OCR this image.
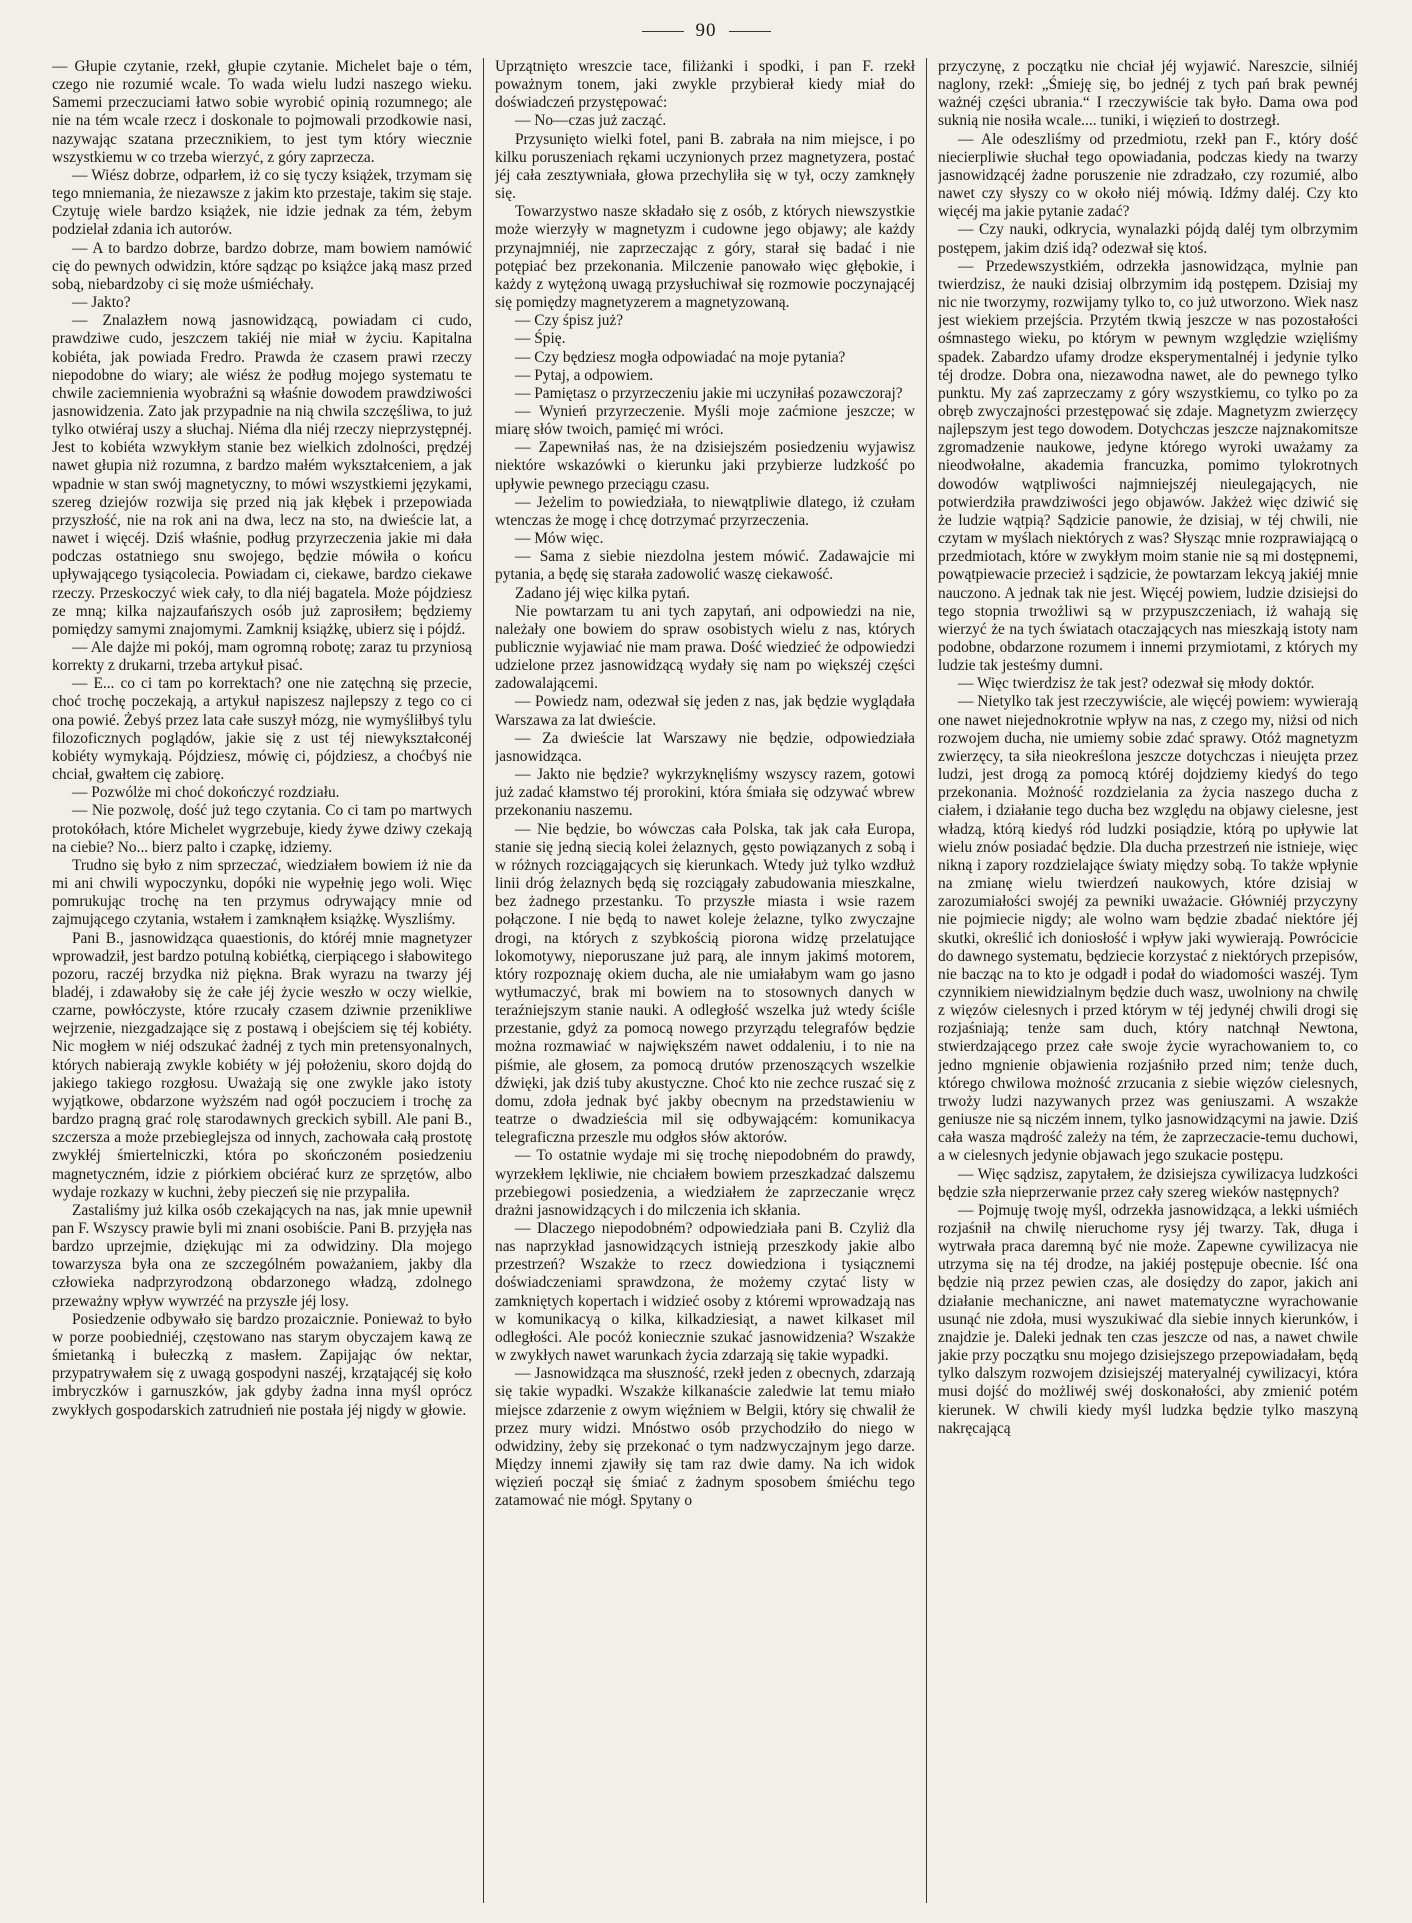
90

— Głupie czytanie, rzekł, głupie czytanie. Michelet baje o tém, czego nie rozumié wcale. To wada wielu ludzi naszego wieku. Samemi przeczuciami łatwo sobie wyrobić opinią rozumnego; ale nie na tém wcale rzecz i doskonale to pojmowali przodkowie nasi, nazywając szatana przecznikiem, to jest tym który wiecznie wszystkiemu w co trzeba wierzyć, z góry zaprzecza.

— Wiész dobrze, odparłem, iż co się tyczy książek, trzymam się tego mniemania, że niezawsze z jakim kto przestaje, takim się staje. Czytuję wiele bardzo książek, nie idzie jednak za tém, żebym podzielał zdania ich autorów.

— A to bardzo dobrze, bardzo dobrze, mam bowiem namówić cię do pewnych odwidzin, które sądząc po książce jaką masz przed sobą, niebardzoby ci się może uśmiéchały.

— Jakto?

— Znalazłem nową jasnowidzącą, powiadam ci cudo, prawdziwe cudo, jeszczem takiéj nie miał w życiu. Kapitalna kobiéta, jak powiada Fredro. Prawda że czasem prawi rzeczy niepodobne do wiary; ale wiész że podług mojego systematu te chwile zaciemnienia wyobraźni są właśnie dowodem prawdziwości jasnowidzenia. Zato jak przypadnie na nią chwila szczęśliwa, to już tylko otwiéraj uszy a słuchaj. Niéma dla niéj rzeczy nieprzystępnéj. Jest to kobiéta wzwykłym stanie bez wielkich zdolności, prędzéj nawet głupia niż rozumna, z bardzo małém wykształceniem, a jak wpadnie w stan swój magnetyczny, to mówi wszystkiemi językami, szereg dziejów rozwija się przed nią jak kłębek i przepowiada przyszłość, nie na rok ani na dwa, lecz na sto, na dwieście lat, a nawet i więcéj. Dziś właśnie, podług przyrzeczenia jakie mi dała podczas ostatniego snu swojego, będzie mówiła o końcu upływającego tysiącolecia. Powiadam ci, ciekawe, bardzo ciekawe rzeczy. Przeskoczyć wiek cały, to dla niéj bagatela. Może pójdziesz ze mną; kilka najzaufańszych osób już zaprosiłem; będziemy pomiędzy samymi znajomymi. Zamknij książkę, ubierz się i pójdź.

— Ale dajże mi pokój, mam ogromną robotę; zaraz tu przyniosą korrekty z drukarni, trzeba artykuł pisać.

— E... co ci tam po korrektach? one nie zatęchną się przecie, choć trochę poczekają, a artykuł napiszesz najlepszy z tego co ci ona powié. Żebyś przez lata całe suszył mózg, nie wymyśliłbyś tylu filozoficznych poglądów, jakie się z ust téj niewykształconéj kobiéty wymykają. Pójdziesz, mówię ci, pójdziesz, a choćbyś nie chciał, gwałtem cię zabiorę.

— Pozwólże mi choć dokończyć rozdziału.

— Nie pozwolę, dość już tego czytania. Co ci tam po martwych protokółach, które Michelet wygrzebuje, kiedy żywe dziwy czekają na ciebie? No... bierz palto i czapkę, idziemy.

Trudno się było z nim sprzeczać, wiedziałem bowiem iż nie da mi ani chwili wypoczynku, dopóki nie wypełnię jego woli. Więc pomrukując trochę na ten przymus odrywający mnie od zajmującego czytania, wstałem i zamknąłem książkę. Wyszliśmy.

Pani B., jasnowidząca quaestionis, do któréj mnie magnetyzer wprowadził, jest bardzo potulną kobiétką, cierpiącego i słabowitego pozoru, raczéj brzydka niż piękna. Brak wyrazu na twarzy jéj bladéj, i zdawałoby się że całe jéj życie weszło w oczy wielkie, czarne, powłóczyste, które rzucały czasem dziwnie przenikliwe wejrzenie, niezgadzające się z postawą i obejściem się téj kobiéty. Nic mogłem w niéj odszukać żadnéj z tych min pretensyonalnych, których nabierają zwykle kobiéty w jéj położeniu, skoro dojdą do jakiego takiego rozgłosu. Uważają się one zwykle jako istoty wyjątkowe, obdarzone wyższém nad ogół poczuciem i trochę za bardzo pragną grać rolę starodawnych greckich sybill. Ale pani B., szczersza a może przebieglejsza od innych, zachowała całą prostotę zwykłéj śmiertelniczki, która po skończoném posiedzeniu magnetyczném, idzie z piórkiem obciérać kurz ze sprzętów, albo wydaje rozkazy w kuchni, żeby pieczeń się nie przypaliła.

Zastaliśmy już kilka osób czekających na nas, jak mnie upewnił pan F. Wszyscy prawie byli mi znani osobiście. Pani B. przyjęła nas bardzo uprzejmie, dziękując mi za odwidziny. Dla mojego towarzysza była ona ze szczególném poważaniem, jakby dla człowieka nadprzyrodzoną obdarzonego władzą, zdolnego przeważny wpływ wywrzéć na przyszłe jéj losy.

Posiedzenie odbywało się bardzo prozaicznie. Ponieważ to było w porze poobiedniéj, częstowano nas starym obyczajem kawą ze śmietanką i bułeczką z masłem. Zapijając ów nektar, przypatrywałem się z uwagą gospodyni naszéj, krzątającéj się koło imbryczków i garnuszków, jak gdyby żadna inna myśl oprócz zwykłych gospodarskich zatrudnień nie postała jéj nigdy w głowie.

Uprzątnięto wreszcie tace, filiżanki i spodki, i pan F. rzekł poważnym tonem, jaki zwykle przybierał kiedy miał do doświadczeń przystępować:

— No—czas już zacząć.

Przysunięto wielki fotel, pani B. zabrała na nim miejsce, i po kilku poruszeniach rękami uczynionych przez magnetyzera, postać jéj cała zesztywniała, głowa przechyliła się w tył, oczy zamknęły się.

Towarzystwo nasze składało się z osób, z których niewszystkie może wierzyły w magnetyzm i cudowne jego objawy; ale każdy przynajmniéj, nie zaprzeczając z góry, starał się badać i nie potępiać bez przekonania. Milczenie panowało więc głębokie, i każdy z wytężoną uwagą przysłuchiwał się rozmowie poczynającéj się pomiędzy magnetyzerem a magnetyzowaną.

— Czy śpisz już?

— Śpię.

— Czy będziesz mogła odpowiadać na moje pytania?

— Pytaj, a odpowiem.

— Pamiętasz o przyrzeczeniu jakie mi uczyniłaś pozawczoraj?

— Wynień przyrzeczenie. Myśli moje zaćmione jeszcze; w miarę słów twoich, pamięć mi wróci.

— Zapewniłaś nas, że na dzisiejszém posiedzeniu wyjawisz niektóre wskazówki o kierunku jaki przybierze ludzkość po upływie pewnego przeciągu czasu.

— Jeżelim to powiedziała, to niewątpliwie dlatego, iż czułam wtenczas że mogę i chcę dotrzymać przyrzeczenia.

— Mów więc.

— Sama z siebie niezdolna jestem mówić. Zadawajcie mi pytania, a będę się starała zadowolić waszę ciekawość.

Zadano jéj więc kilka pytań.

Nie powtarzam tu ani tych zapytań, ani odpowiedzi na nie, należały one bowiem do spraw osobistych wielu z nas, których publicznie wyjawiać nie mam prawa. Dość wiedzieć że odpowiedzi udzielone przez jasnowidzącą wydały się nam po większéj części zadowalającemi.

— Powiedz nam, odezwał się jeden z nas, jak będzie wyglądała Warszawa za lat dwieście.

— Za dwieście lat Warszawy nie będzie, odpowiedziała jasnowidząca.

— Jakto nie będzie? wykrzyknęliśmy wszyscy razem, gotowi już zadać kłamstwo téj prorokini, która śmiała się odzywać wbrew przekonaniu naszemu.

— Nie będzie, bo wówczas cała Polska, tak jak cała Europa, stanie się jedną siecią kolei żelaznych, gęsto powiązanych z sobą i w różnych rozciągających się kierunkach. Wtedy już tylko wzdłuż linii dróg żelaznych będą się rozciągały zabudowania mieszkalne, bez żadnego przestanku. To przyszłe miasta i wsie razem połączone. I nie będą to nawet koleje żelazne, tylko zwyczajne drogi, na których z szybkością piorona widzę przelatujące lokomotywy, nieporuszane już parą, ale innym jakimś motorem, który rozpoznaję okiem ducha, ale nie umiałabym wam go jasno wytłumaczyć, brak mi bowiem na to stosownych danych w teraźniejszym stanie nauki. A odległość wszelka już wtedy ściśle przestanie, gdyż za pomocą nowego przyrządu telegrafów będzie można rozmawiać w największém nawet oddaleniu, i to nie na piśmie, ale głosem, za pomocą drutów przenoszących wszelkie dźwięki, jak dziś tuby akustyczne. Choć kto nie zechce ruszać się z domu, zdoła jednak być jakby obecnym na przedstawieniu w teatrze o dwadzieścia mil się odbywającém: komunikacya telegraficzna przeszle mu odgłos słów aktorów.

— To ostatnie wydaje mi się trochę niepodobném do prawdy, wyrzekłem lękliwie, nie chciałem bowiem przeszkadzać dalszemu przebiegowi posiedzenia, a wiedziałem że zaprzeczanie wręcz drażni jasnowidzących i do milczenia ich skłania.

— Dlaczego niepodobném? odpowiedziała pani B. Czyliż dla nas naprzykład jasnowidzących istnieją przeszkody jakie albo przestrzeń? Wszakże to rzecz dowiedziona i tysiącznemi doświadczeniami sprawdzona, że możemy czytać listy w zamkniętych kopertach i widzieć osoby z któremi wprowadzają nas w komunikacyą o kilka, kilkadziesiąt, a nawet kilkaset mil odległości. Ale pocóż koniecznie szukać jasnowidzenia? Wszakże w zwykłych nawet warunkach życia zdarzają się takie wypadki.

— Jasnowidząca ma słuszność, rzekł jeden z obecnych, zdarzają się takie wypadki. Wszakże kilkanaście zaledwie lat temu miało miejsce zdarzenie z owym więźniem w Belgii, który się chwalił że przez mury widzi. Mnóstwo osób przychodziło do niego w odwidziny, żeby się przekonać o tym nadzwyczajnym jego darze. Między innemi zjawiły się tam raz dwie damy. Na ich widok więzień począł się śmiać z żadnym sposobem śmiéchu tego zatamować nie mógł. Spytany o

przyczynę, z początku nie chciał jéj wyjawić. Nareszcie, silniéj naglony, rzekł: „Śmieję się, bo jednéj z tych pań brak pewnéj ważnéj części ubrania.“ I rzeczywiście tak było. Dama owa pod suknią nie nosiła wcale.... tuniki, i więzień to dostrzegł.

— Ale odeszliśmy od przedmiotu, rzekł pan F., który dość niecierpliwie słuchał tego opowiadania, podczas kiedy na twarzy jasnowidzącéj żadne poruszenie nie zdradzało, czy rozumié, albo nawet czy słyszy co w około niéj mówią. Idźmy daléj. Czy kto więcéj ma jakie pytanie zadać?

— Czy nauki, odkrycia, wynalazki pójdą daléj tym olbrzymim postępem, jakim dziś idą? odezwał się ktoś.

— Przedewszystkiém, odrzekła jasnowidząca, mylnie pan twierdzisz, że nauki dzisiaj olbrzymim idą postępem. Dzisiaj my nic nie tworzymy, rozwijamy tylko to, co już utworzono. Wiek nasz jest wiekiem przejścia. Przytém tkwią jeszcze w nas pozostałości ośmnastego wieku, po którym w pewnym względzie wzięliśmy spadek. Zabardzo ufamy drodze eksperymentalnéj i jedynie tylko téj drodze. Dobra ona, niezawodna nawet, ale do pewnego tylko punktu. My zaś zaprzeczamy z góry wszystkiemu, co tylko po za obręb zwyczajności przestępować się zdaje. Magnetyzm zwierzęcy najlepszym jest tego dowodem. Dotychczas jeszcze najznakomitsze zgromadzenie naukowe, jedyne którego wyroki uważamy za nieodwołalne, akademia francuzka, pomimo tylokrotnych dowodów wątpliwości najmniejszéj nieulegających, nie potwierdziła prawdziwości jego objawów. Jakżeż więc dziwić się że ludzie wątpią? Sądzicie panowie, że dzisiaj, w téj chwili, nie czytam w myślach niektórych z was? Słysząc mnie rozprawiającą o przedmiotach, które w zwykłym moim stanie nie są mi dostępnemi, powątpiewacie przecież i sądzicie, że powtarzam lekcyą jakiéj mnie nauczono. A jednak tak nie jest. Więcéj powiem, ludzie dzisiejsi do tego stopnia trwożliwi są w przypuszczeniach, iż wahają się wierzyć że na tych światach otaczających nas mieszkają istoty nam podobne, obdarzone rozumem i innemi przymiotami, z których my ludzie tak jesteśmy dumni.

— Więc twierdzisz że tak jest? odezwał się młody doktór.

— Nietylko tak jest rzeczywiście, ale więcéj powiem: wywierają one nawet niejednokrotnie wpływ na nas, z czego my, niżsi od nich rozwojem ducha, nie umiemy sobie zdać sprawy. Otóż magnetyzm zwierzęcy, ta siła nieokreślona jeszcze dotychczas i nieujęta przez ludzi, jest drogą za pomocą któréj dojdziemy kiedyś do tego przekonania. Możność rozdzielania za życia naszego ducha z ciałem, i działanie tego ducha bez względu na objawy cielesne, jest władzą, którą kiedyś ród ludzki posiądzie, którą po upływie lat wielu znów posiadać będzie. Dla ducha przestrzeń nie istnieje, więc nikną i zapory rozdzielające światy między sobą. To także wpłynie na zmianę wielu twierdzeń naukowych, które dzisiaj w zarozumiałości swojéj za pewniki uważacie. Główniéj przyczyny nie pojmiecie nigdy; ale wolno wam będzie zbadać niektóre jéj skutki, określić ich doniosłość i wpływ jaki wywierają. Powrócicie do dawnego systematu, będziecie korzystać z niektórych przepisów, nie bacząc na to kto je odgadł i podał do wiadomości waszéj. Tym czynnikiem niewidzialnym będzie duch wasz, uwolniony na chwilę z więzów cielesnych i przed którym w téj jedynéj chwili drogi się rozjaśniają; tenże sam duch, który natchnął Newtona, stwierdzającego przez całe swoje życie wyrachowaniem to, co jedno mgnienie objawienia rozjaśniło przed nim; tenże duch, którego chwilowa możność zrzucania z siebie więzów cielesnych, trwoży ludzi nazywanych przez was geniuszami. A wszakże geniusze nie są niczém innem, tylko jasnowidzącymi na jawie. Dziś cała wasza mądrość zależy na tém, że zaprzeczacie-temu duchowi, a w cielesnych jedynie objawach jego szukacie postępu.

— Więc sądzisz, zapytałem, że dzisiejsza cywilizacya ludzkości będzie szła nieprzerwanie przez cały szereg wieków następnych?

— Pojmuję twoję myśl, odrzekła jasnowidząca, a lekki uśmiéch rozjaśnił na chwilę nieruchome rysy jéj twarzy. Tak, długa i wytrwała praca daremną być nie może. Zapewne cywilizacya nie utrzyma się na téj drodze, na jakiéj postępuje obecnie. Iść ona będzie nią przez pewien czas, ale dosiędzy do zapor, jakich ani działanie mechaniczne, ani nawet matematyczne wyrachowanie usunąć nie zdoła, musi wyszukiwać dla siebie innych kierunków, i znajdzie je. Daleki jednak ten czas jeszcze od nas, a nawet chwile jakie przy początku snu mojego dzisiejszego przepowiadałam, będą tylko dalszym rozwojem dzisiejszéj materyalnéj cywilizacyi, która musi dojść do możliwéj swéj doskonałości, aby zmienić potém kierunek. W chwili kiedy myśl ludzka będzie tylko maszyną nakręcającą
